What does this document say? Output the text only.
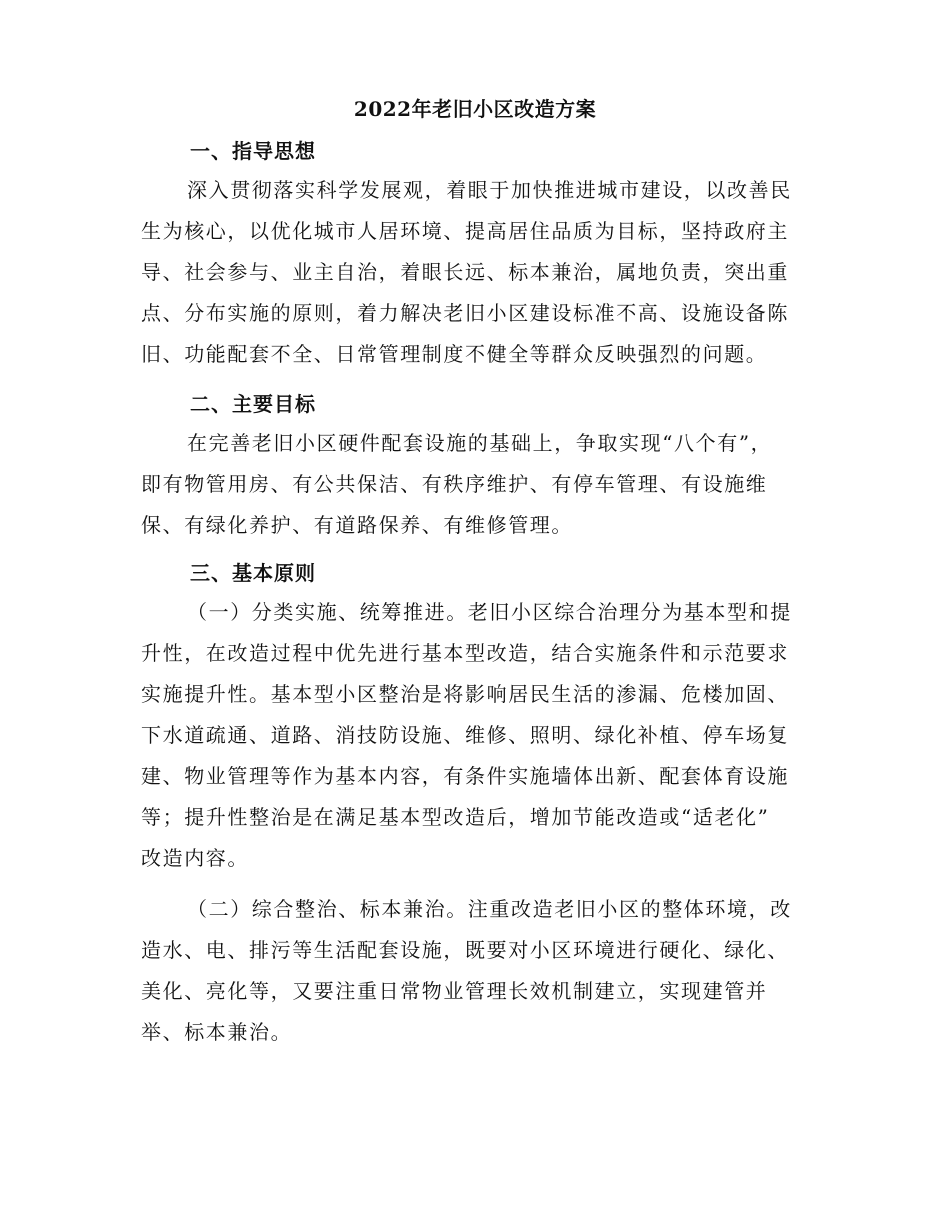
2022年老旧小区改造方案
一、指导思想
深入贯彻落实科学发展观，着眼于加快推进城市建设，以改善民
生为核心，以优化城市人居环境、提高居住品质为目标，坚持政府主
导、社会参与、业主自治，着眼长远、标本兼治，属地负责，突出重
点、分布实施的原则，着力解决老旧小区建设标准不高、设施设备陈
旧、功能配套不全、日常管理制度不健全等群众反映强烈的问题。
二、主要目标
在完善老旧小区硬件配套设施的基础上，争取实现“八个有”，
即有物管用房、有公共保洁、有秩序维护、有停车管理、有设施维
保、有绿化养护、有道路保养、有维修管理。
三、基本原则
（一）分类实施、统筹推进。老旧小区综合治理分为基本型和提
升性，在改造过程中优先进行基本型改造，结合实施条件和示范要求
实施提升性。基本型小区整治是将影响居民生活的渗漏、危楼加固、
下水道疏通、道路、消技防设施、维修、照明、绿化补植、停车场复
建、物业管理等作为基本内容，有条件实施墙体出新、配套体育设施
等；提升性整治是在满足基本型改造后，增加节能改造或“适老化”
改造内容。
（二）综合整治、标本兼治。注重改造老旧小区的整体环境，改
造水、电、排污等生活配套设施，既要对小区环境进行硬化、绿化、
美化、亮化等，又要注重日常物业管理长效机制建立，实现建管并
举、标本兼治。
